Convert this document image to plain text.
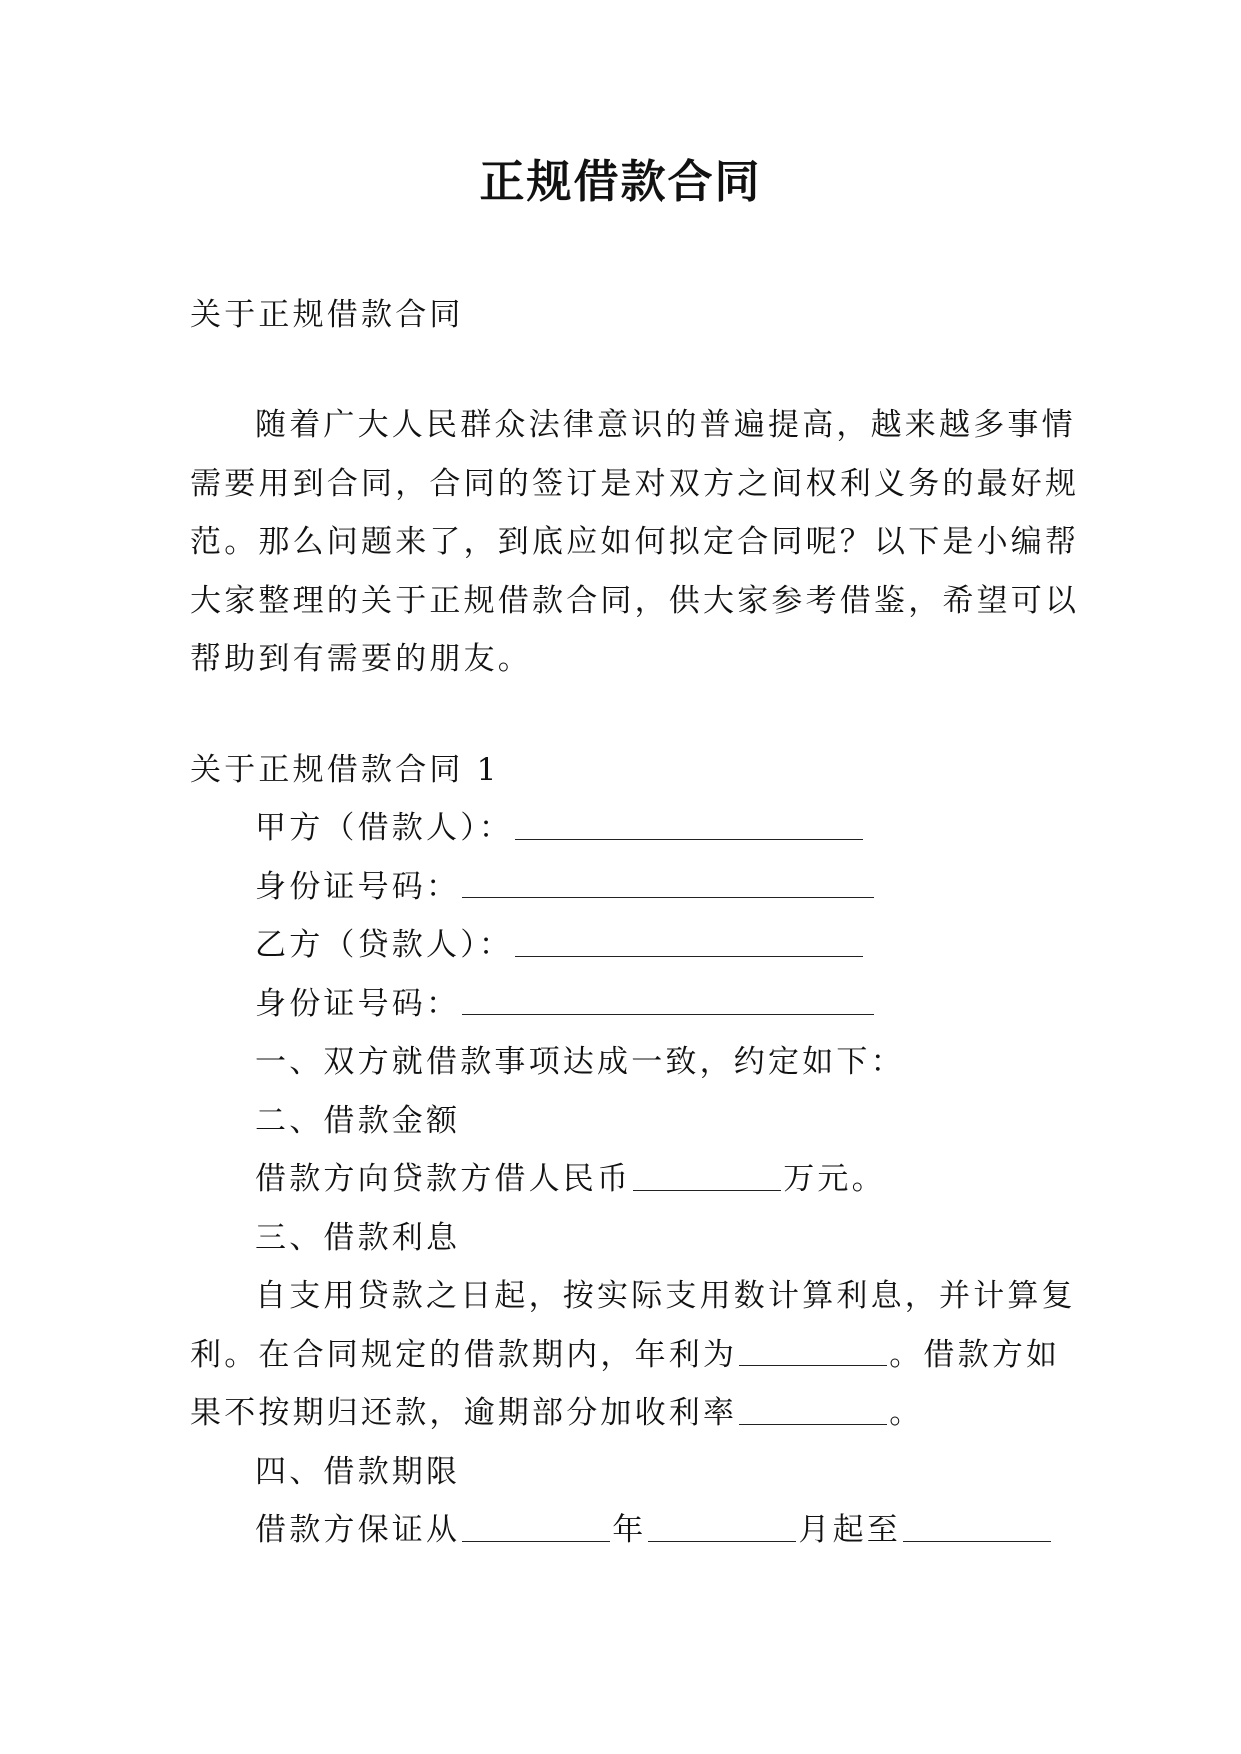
正规借款合同
关于正规借款合同
随着广大人民群众法律意识的普遍提高，越来越多事情
需要用到合同，合同的签订是对双方之间权利义务的最好规
范。那么问题来了，到底应如何拟定合同呢？以下是小编帮
大家整理的关于正规借款合同，供大家参考借鉴，希望可以
帮助到有需要的朋友。
关于正规借款合同 1
甲方（借款人）：
身份证号码：
乙方（贷款人）：
身份证号码：
一、双方就借款事项达成一致，约定如下：
二、借款金额
借款方向贷款方借人民币	万元。
三、借款利息
自支用贷款之日起，按实际支用数计算利息，并计算复
利。在合同规定的借款期内，年利为	。借款方如
果不按期归还款，逾期部分加收利率	。
四、借款期限
借款方保证从	年	月起至
